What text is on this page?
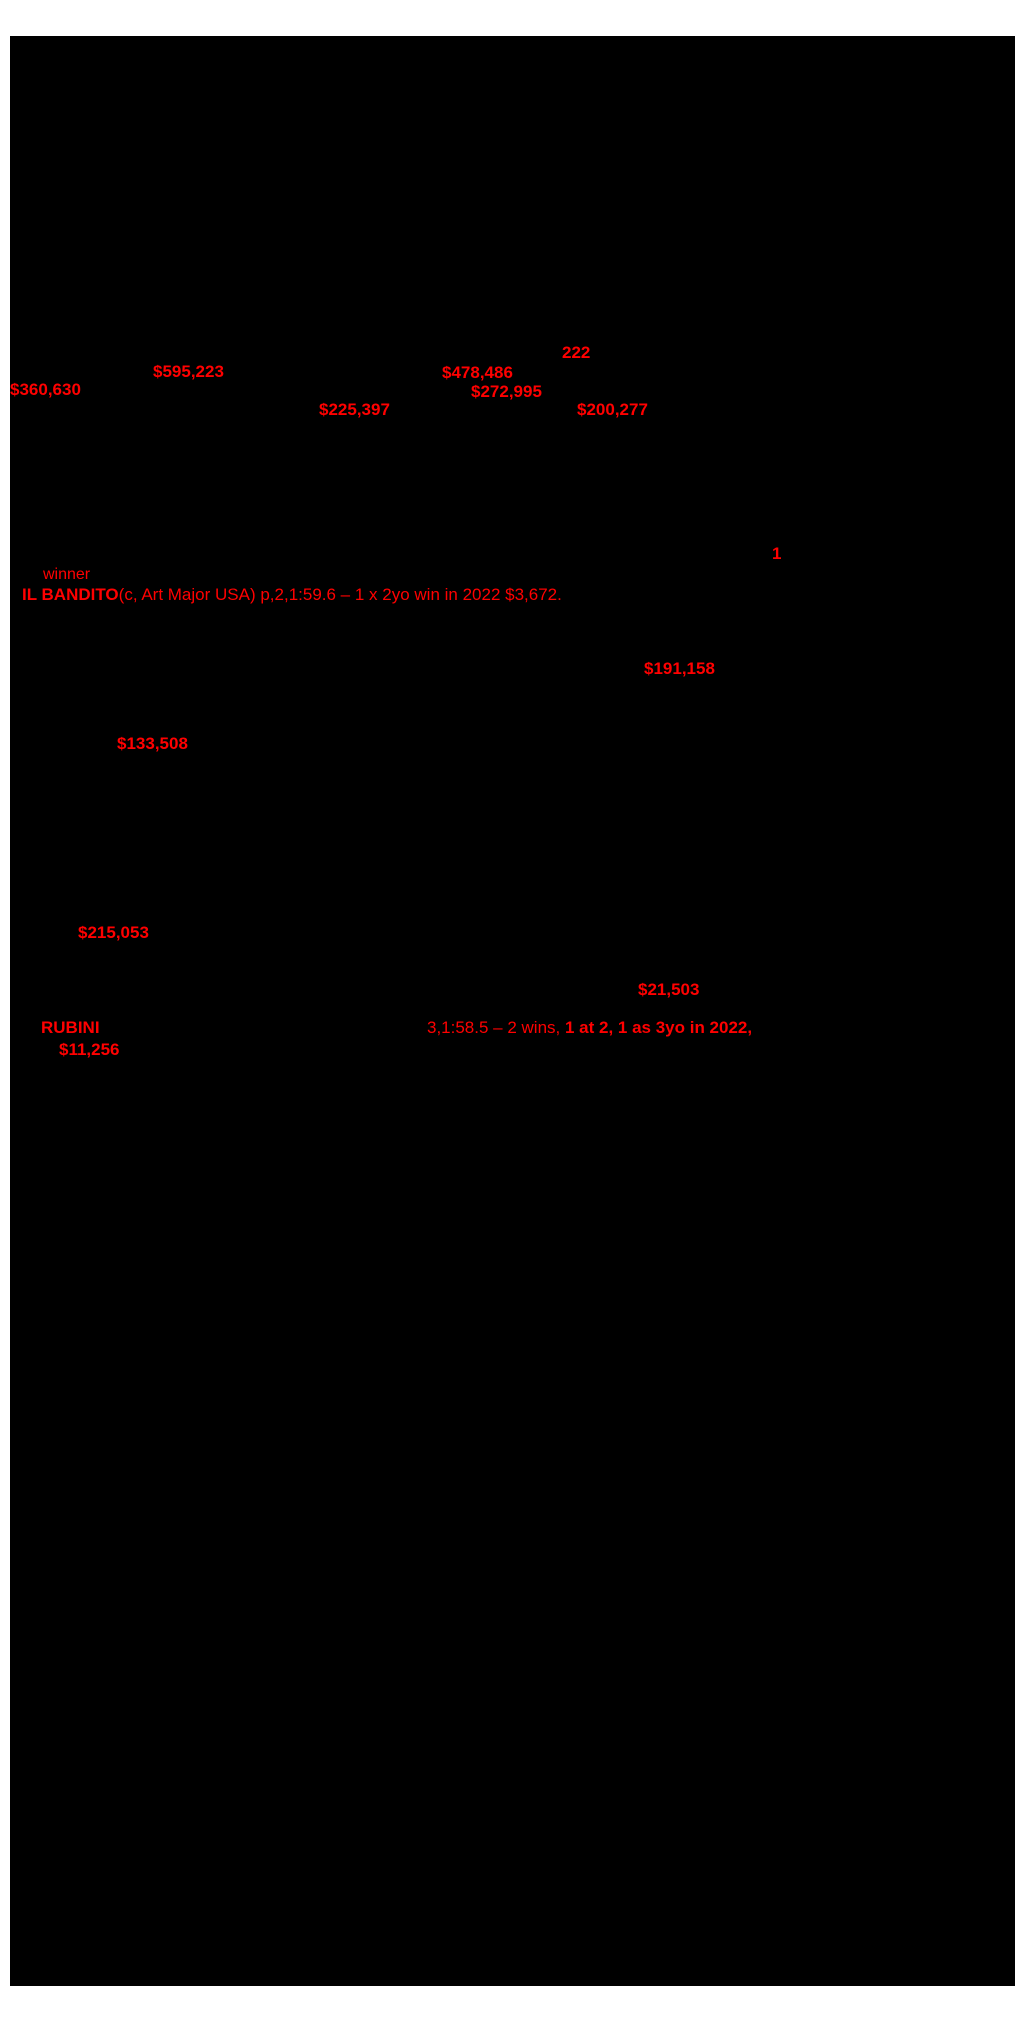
$360,630
$595,223
$225,397
$478,486
$272,995
222
$200,277
1
winner
IL BANDITO(c, Art Major USA) p,2,1:59.6 – 1 x 2yo win in 2022 $3,672.
$191,158
$133,508
$215,053
$21,503
RUBINI	3,1:58.5 – 2 wins, 1 at 2, 1 as 3yo in 2022,
$11,256
